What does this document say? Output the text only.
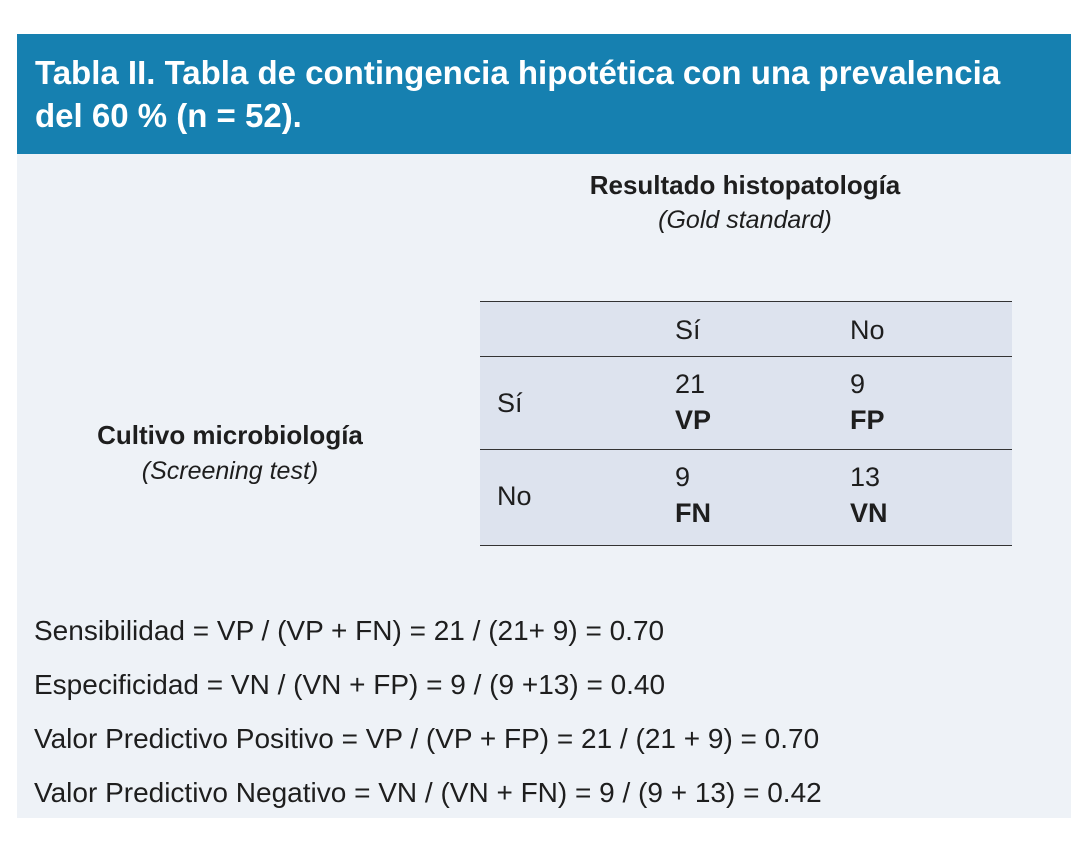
Tabla II. Tabla de contingencia hipotética con una prevalencia del 60 % (n = 52).
Resultado histopatología
(Gold standard)
Cultivo microbiología
(Screening test)
Sí	No
Sí
21
VP
9
FP
No
9
FN
13
VN
Sensibilidad = VP / (VP + FN) = 21 / (21+ 9) = 0.70
Especificidad = VN / (VN + FP) = 9 / (9 +13) = 0.40
Valor Predictivo Positivo = VP / (VP + FP) = 21 / (21 + 9) = 0.70
Valor Predictivo Negativo = VN / (VN + FN) = 9 / (9 + 13) = 0.42
